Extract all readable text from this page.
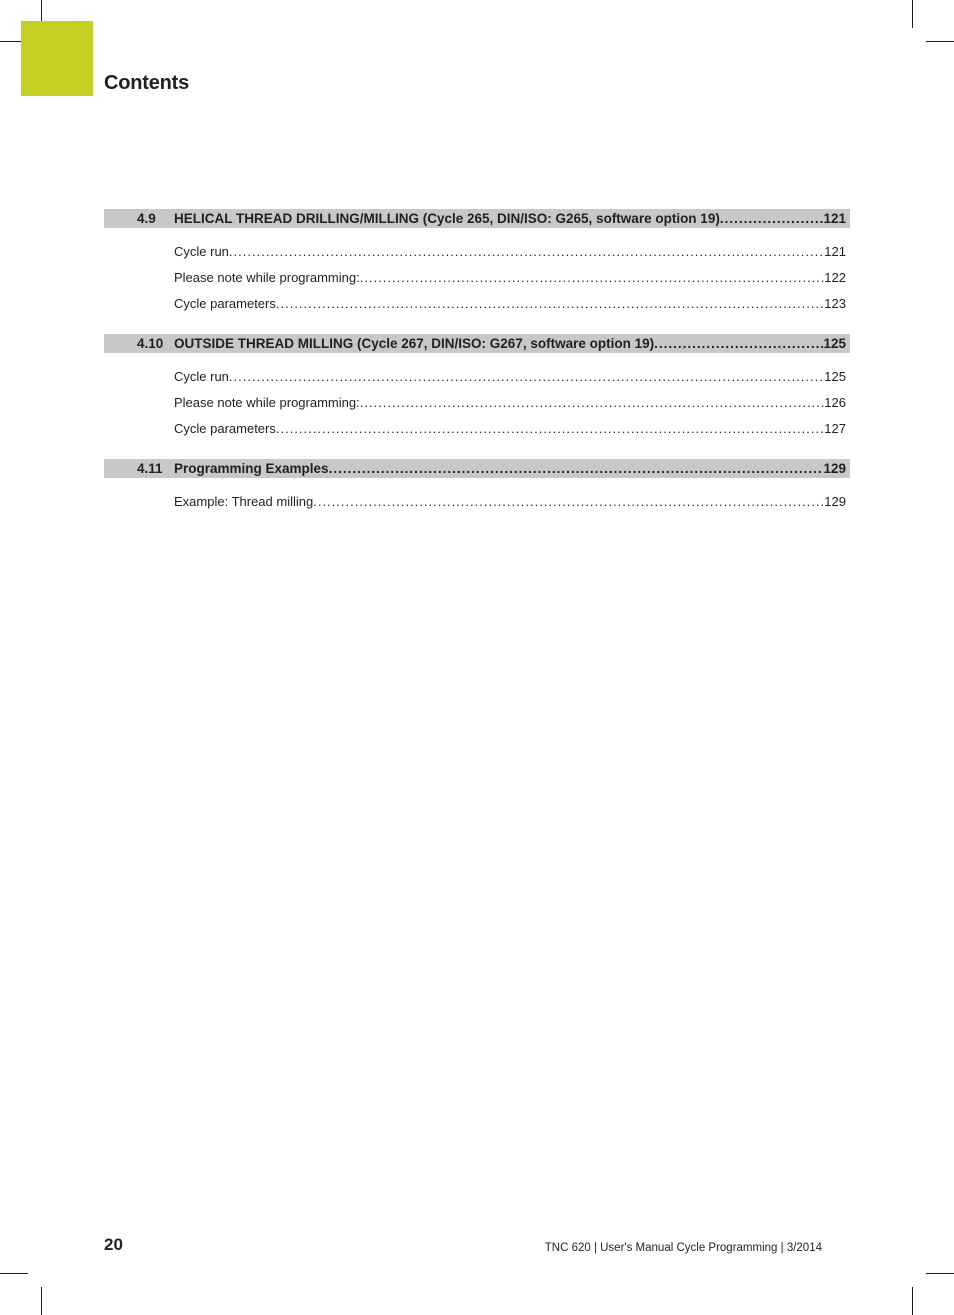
Contents
4.9 HELICAL THREAD DRILLING/MILLING (Cycle 265, DIN/ISO: G265, software option 19) .....	121
Cycle run .....	121
Please note while programming: .....	122
Cycle parameters .....	123
4.10 OUTSIDE THREAD MILLING (Cycle 267, DIN/ISO: G267, software option 19) .....	125
Cycle run .....	125
Please note while programming: .....	126
Cycle parameters .....	127
4.11 Programming Examples .....	129
Example: Thread milling .....	129
20	TNC 620 | User's Manual Cycle Programming | 3/2014
